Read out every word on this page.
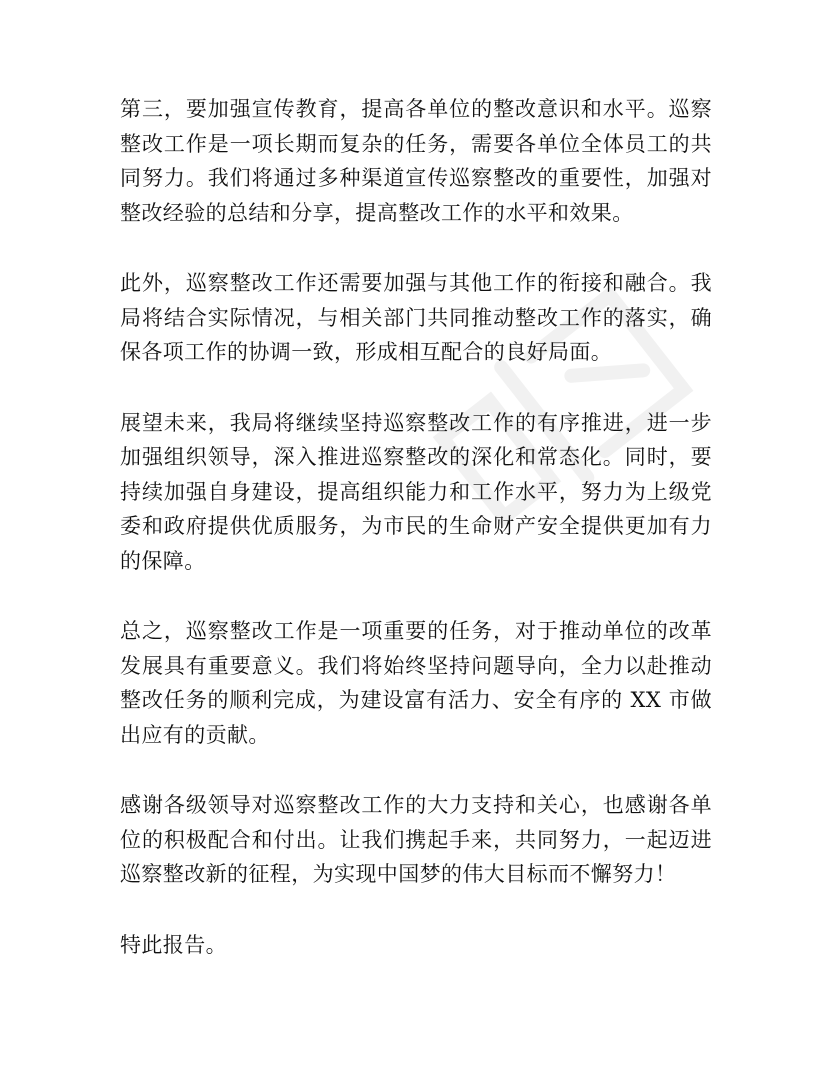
第三，要加强宣传教育，提高各单位的整改意识和水平。巡察整改工作是一项长期而复杂的任务，需要各单位全体员工的共同努力。我们将通过多种渠道宣传巡察整改的重要性，加强对整改经验的总结和分享，提高整改工作的水平和效果。

此外，巡察整改工作还需要加强与其他工作的衔接和融合。我局将结合实际情况，与相关部门共同推动整改工作的落实，确保各项工作的协调一致，形成相互配合的良好局面。

展望未来，我局将继续坚持巡察整改工作的有序推进，进一步加强组织领导，深入推进巡察整改的深化和常态化。同时，要持续加强自身建设，提高组织能力和工作水平，努力为上级党委和政府提供优质服务，为市民的生命财产安全提供更加有力的保障。

总之，巡察整改工作是一项重要的任务，对于推动单位的改革发展具有重要意义。我们将始终坚持问题导向，全力以赴推动整改任务的顺利完成，为建设富有活力、安全有序的 XX 市做出应有的贡献。

感谢各级领导对巡察整改工作的大力支持和关心，也感谢各单位的积极配合和付出。让我们携起手来，共同努力，一起迈进巡察整改新的征程，为实现中国梦的伟大目标而不懈努力！

特此报告。
